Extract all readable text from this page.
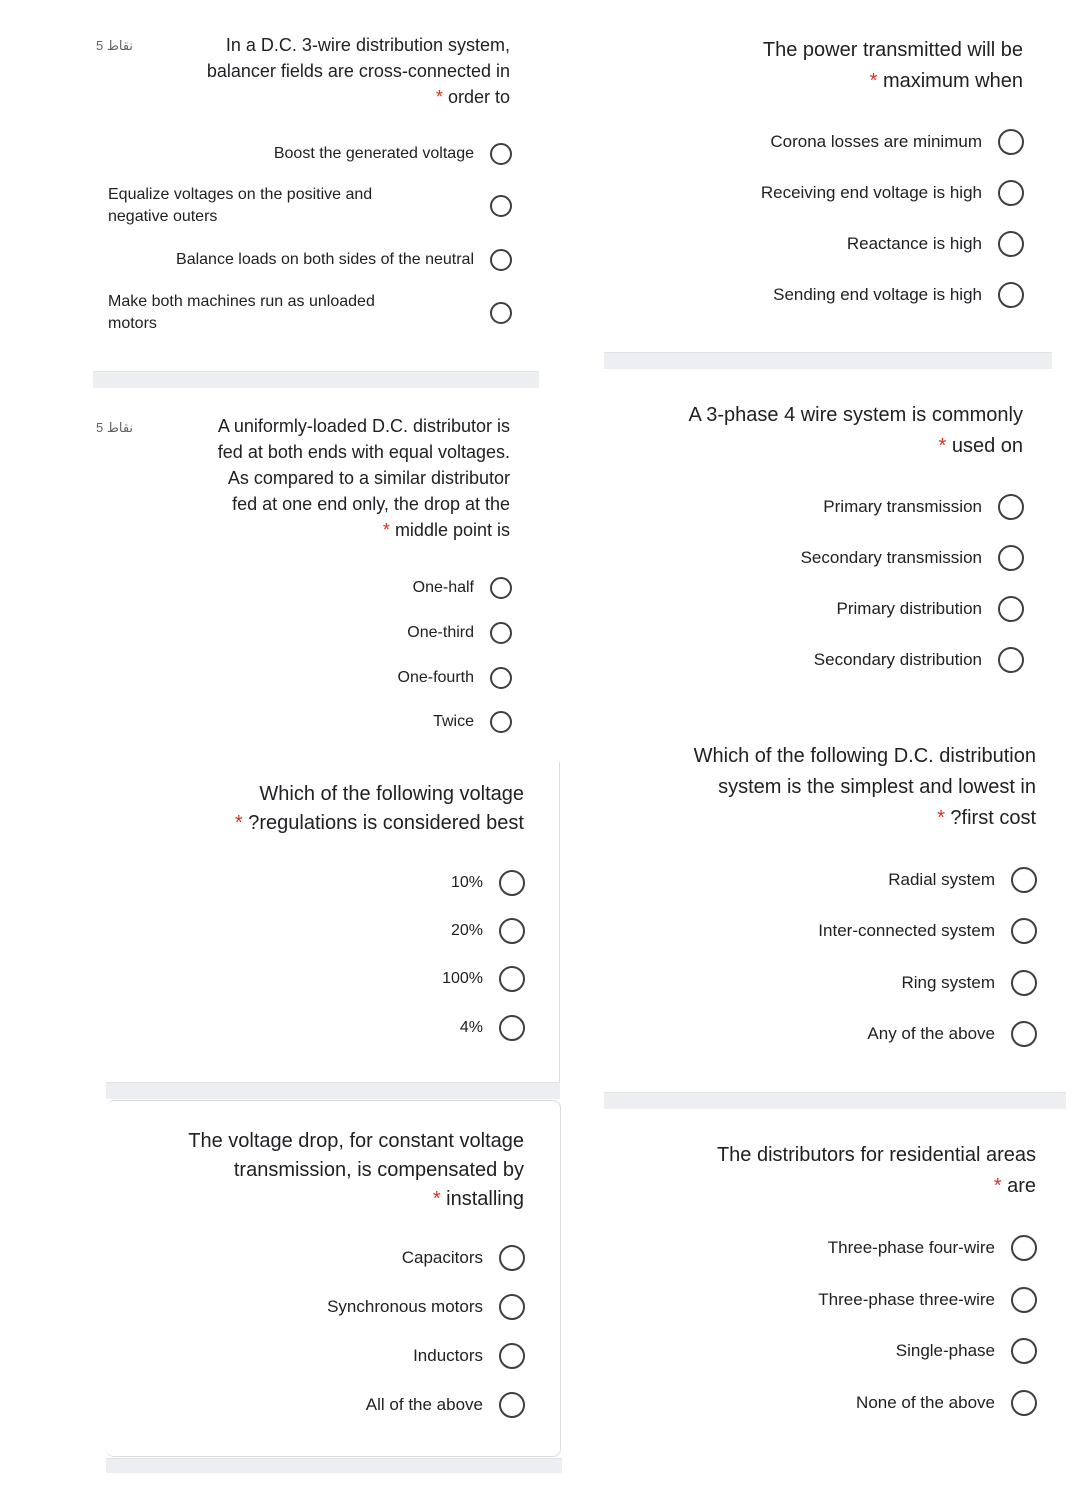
5 نقاط	In a D.C. 3-wire distribution system,
balancer fields are cross-connected in
* order to
Boost the generated voltage
Equalize voltages on the positive and negative outers
Balance loads on both sides of the neutral
Make both machines run as unloaded motors
5 نقاط	A uniformly-loaded D.C. distributor is
fed at both ends with equal voltages.
As compared to a similar distributor
fed at one end only, the drop at the
* middle point is
One-half
One-third
One-fourth
Twice
Which of the following voltage
* ?regulations is considered best
10%
20%
100%
4%
The voltage drop, for constant voltage
transmission, is compensated by
* installing
Capacitors
Synchronous motors
Inductors
All of the above
The power transmitted will be
* maximum when
Corona losses are minimum
Receiving end voltage is high
Reactance is high
Sending end voltage is high
A 3-phase 4 wire system is commonly
* used on
Primary transmission
Secondary transmission
Primary distribution
Secondary distribution
Which of the following D.C. distribution
system is the simplest and lowest in
* ?first cost
Radial system
Inter-connected system
Ring system
Any of the above
The distributors for residential areas
* are
Three-phase four-wire
Three-phase three-wire
Single-phase
None of the above
